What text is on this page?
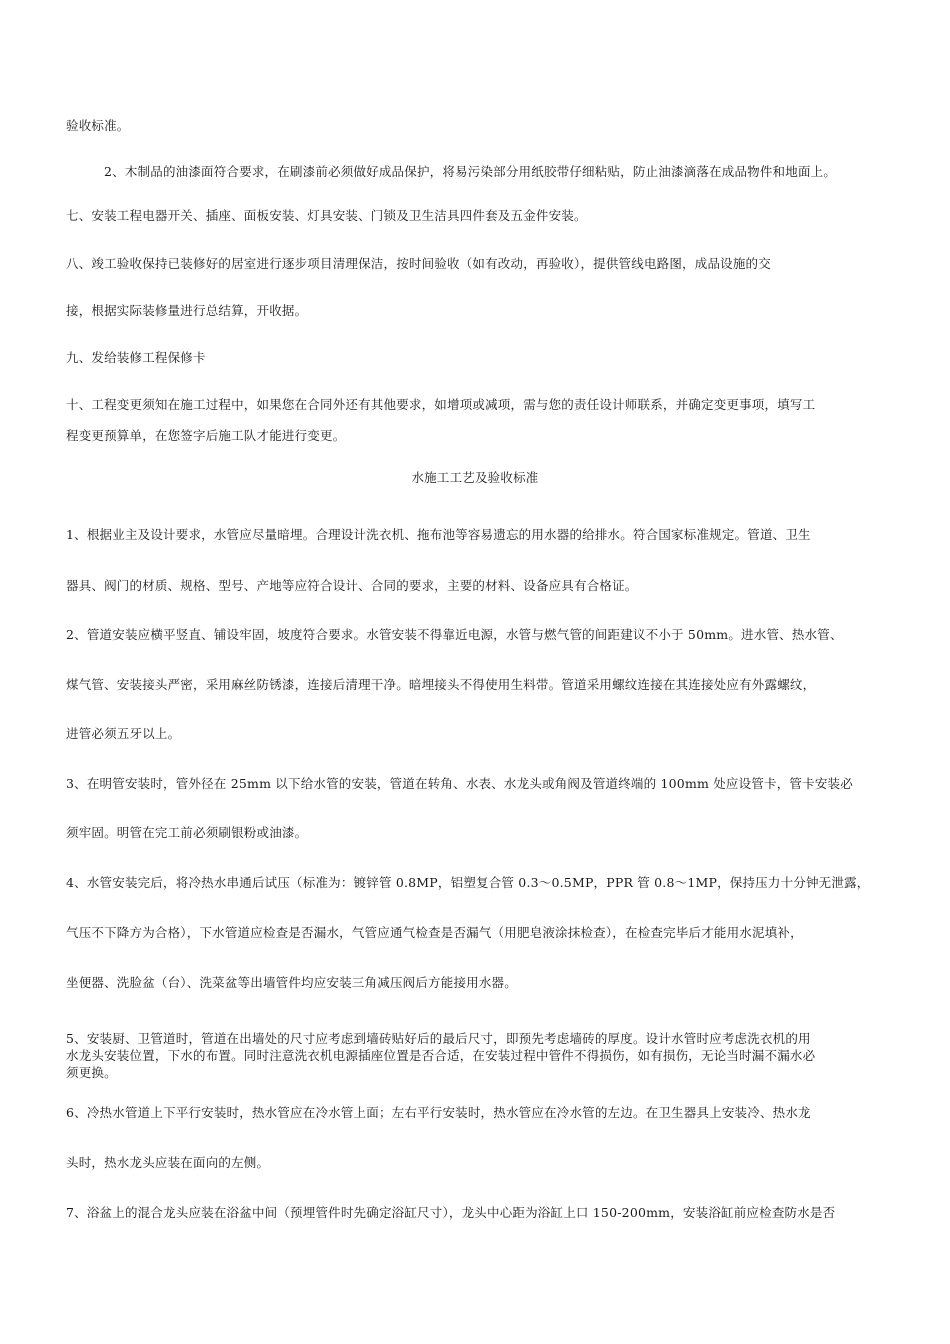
验收标准。
2、木制品的油漆面符合要求，在刷漆前必须做好成品保护，将易污染部分用纸胶带仔细粘贴，防止油漆滴落在成品物件和地面上。
七、安装工程电器开关、插座、面板安装、灯具安装、门锁及卫生洁具四件套及五金件安装。
八、竣工验收保持已装修好的居室进行逐步项目清理保洁，按时间验收（如有改动，再验收），提供管线电路图，成品设施的交
接，根据实际装修量进行总结算，开收据。
九、发给装修工程保修卡
十、工程变更须知在施工过程中，如果您在合同外还有其他要求，如增项或减项，需与您的责任设计师联系，并确定变更事项，填写工
程变更预算单，在您签字后施工队才能进行变更。
水施工工艺及验收标准
1、根据业主及设计要求，水管应尽量暗埋。合理设计洗衣机、拖布池等容易遗忘的用水器的给排水。符合国家标准规定。管道、卫生
器具、阀门的材质、规格、型号、产地等应符合设计、合同的要求，主要的材料、设备应具有合格证。
2、管道安装应横平竖直、铺设牢固，坡度符合要求。水管安装不得靠近电源，水管与燃气管的间距建议不小于 50mm。进水管、热水管、
煤气管、安装接头严密，采用麻丝防锈漆，连接后清理干净。暗埋接头不得使用生料带。管道采用螺纹连接在其连接处应有外露螺纹，
进管必须五牙以上。
3、在明管安装时，管外径在 25mm 以下给水管的安装，管道在转角、水表、水龙头或角阀及管道终端的 100mm 处应设管卡，管卡安装必
须牢固。明管在完工前必须刷银粉或油漆。
4、水管安装完后，将冷热水串通后试压（标准为：镀锌管 0.8MP，铝塑复合管 0.3～0.5MP，PPR 管 0.8～1MP，保持压力十分钟无泄露，
气压不下降方为合格），下水管道应检查是否漏水，气管应通气检查是否漏气（用肥皂液涂抹检查），在检查完毕后才能用水泥填补，
坐便器、洗脸盆（台）、洗菜盆等出墙管件均应安装三角减压阀后方能接用水器。
5、安装厨、卫管道时，管道在出墙处的尺寸应考虑到墙砖贴好后的最后尺寸，即预先考虑墙砖的厚度。设计水管时应考虑洗衣机的用
水龙头安装位置，下水的布置。同时注意洗衣机电源插座位置是否合适，在安装过程中管件不得损伤，如有损伤，无论当时漏不漏水必
须更换。
6、冷热水管道上下平行安装时，热水管应在冷水管上面；左右平行安装时，热水管应在冷水管的左边。在卫生器具上安装冷、热水龙
头时，热水龙头应装在面向的左侧。
7、浴盆上的混合龙头应装在浴盆中间（预埋管件时先确定浴缸尺寸），龙头中心距为浴缸上口 150-200mm，安装浴缸前应检查防水是否
